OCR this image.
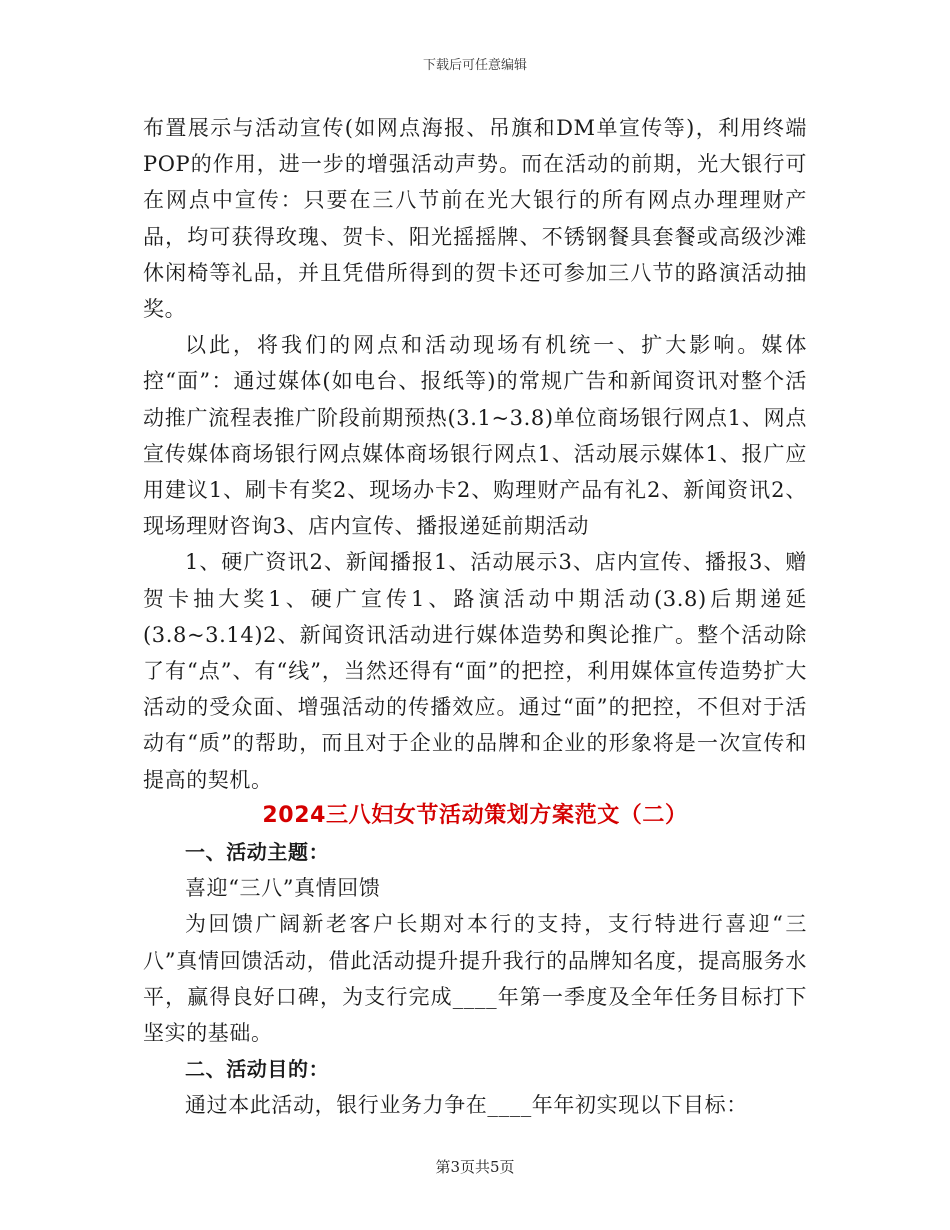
下载后可任意编辑

布置展示与活动宣传(如网点海报、吊旗和DM单宣传等)，利用终端POP的作用，进一步的增强活动声势。而在活动的前期，光大银行可在网点中宣传：只要在三八节前在光大银行的所有网点办理理财产品，均可获得玫瑰、贺卡、阳光摇摇牌、不锈钢餐具套餐或高级沙滩休闲椅等礼品，并且凭借所得到的贺卡还可参加三八节的路演活动抽奖。

以此，将我们的网点和活动现场有机统一、扩大影响。媒体控“面”：通过媒体(如电台、报纸等)的常规广告和新闻资讯对整个活动推广流程表推广阶段前期预热(3.1~3.8)单位商场银行网点1、网点宣传媒体商场银行网点媒体商场银行网点1、活动展示媒体1、报广应用建议1、刷卡有奖2、现场办卡2、购理财产品有礼2、新闻资讯2、现场理财咨询3、店内宣传、播报递延前期活动

1、硬广资讯2、新闻播报1、活动展示3、店内宣传、播报3、赠贺卡抽大奖1、硬广宣传1、路演活动中期活动(3.8)后期递延(3.8~3.14)2、新闻资讯活动进行媒体造势和舆论推广。整个活动除了有“点”、有“线”，当然还得有“面”的把控，利用媒体宣传造势扩大活动的受众面、增强活动的传播效应。通过“面”的把控，不但对于活动有“质”的帮助，而且对于企业的品牌和企业的形象将是一次宣传和提高的契机。

2024三八妇女节活动策划方案范文（二）

一、活动主题：

喜迎“三八”真情回馈

为回馈广阔新老客户长期对本行的支持，支行特进行喜迎“三八”真情回馈活动，借此活动提升提升我行的品牌知名度，提高服务水平，赢得良好口碑，为支行完成____年第一季度及全年任务目标打下坚实的基础。

二、活动目的：

通过本此活动，银行业务力争在____年年初实现以下目标：

第3页共5页
